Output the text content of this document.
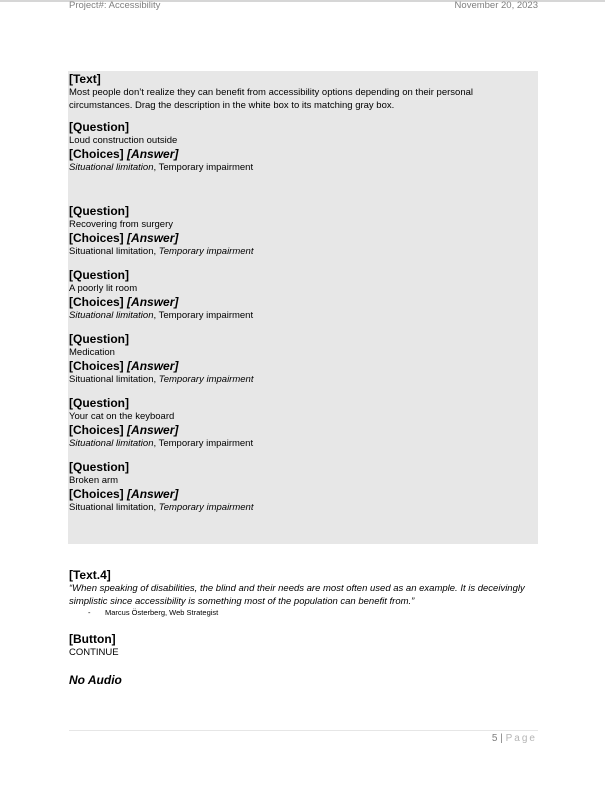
Project#: Accessibility	November 20, 2023
[Text]
Most people don’t realize they can benefit from accessibility options depending on their personal circumstances. Drag the description in the white box to its matching gray box.
[Question]
Loud construction outside
[Choices] [Answer]
Situational limitation, Temporary impairment
[Question]
Recovering from surgery
[Choices] [Answer]
Situational limitation, Temporary impairment
[Question]
A poorly lit room
[Choices] [Answer]
Situational limitation, Temporary impairment
[Question]
Medication
[Choices] [Answer]
Situational limitation, Temporary impairment
[Question]
Your cat on the keyboard
[Choices] [Answer]
Situational limitation, Temporary impairment
[Question]
Broken arm
[Choices] [Answer]
Situational limitation, Temporary impairment
[Text.4]
“When speaking of disabilities, the blind and their needs are most often used as an example. It is deceivingly simplistic since accessibility is something most of the population can benefit from.”
- Marcus Österberg, Web Strategist
[Button]
CONTINUE
No Audio
5 | Page
